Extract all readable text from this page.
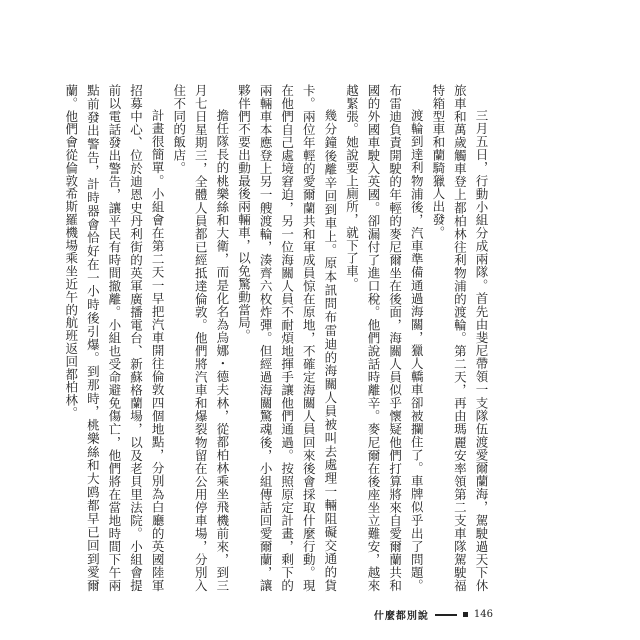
三月五日，行動小組分成兩隊。首先由斐尼帶領一支隊伍渡愛爾蘭海，駕駛過天下休旅車和萬歲觸車登上都柏林往利物浦的渡輪。第二天，再由瑪麗安率領第二支車隊駕駛福特箱型車和蘭騎獵人出發。

渡輪到達利物浦後，汽車準備通過海關，獵人轎車卻被攔住了。車牌似乎出了問題。布雷迪負責開駛的年輕的麥尼爾坐在後面，海關人員似乎懷疑他們打算將來自愛爾蘭共和國的外國車駛入英國。卻漏付了進口稅。他們說話時離辛。麥尼爾在後座坐立難安，越來越緊張。她說要上廁所，就下了車。

幾分鐘後離辛回到車上。原本訊問布雷迪的海關人員被叫去處理一輛阻礙交通的貨卡。兩位年輕的愛爾蘭共和軍成員惊在原地，不確定海關人員回來後會採取什麼行動。現在他們自己處境窘迫，另一位海關人員不耐煩地揮手讓他們通過。按照原定計畫，剩下的兩輛車本應登上另一艘渡輪，湊齊六枚炸彈。但經過海關驚魂後，小組傳話回愛爾蘭，讓夥伴們不要出動最後兩輛車，以免驚動當局。

擔任隊長的桃樂絲和大衛，而是化名為烏娜・德夫林，從都柏林乘坐飛機前來，到三月七日星期三，全體人員都已經抵達倫敦。他們將汽車和爆裂物留在公用停車場，分別入住不同的飯店。

計畫很簡單。小組會在第二天一早把汽車開往倫敦四個地點，分別為白廳的英國陸軍招募中心、位於迪恩史丹利街的英軍廣播電台、新蘇格蘭場，以及老貝里法院。小組會提前以電話發出警告，讓平民有時間撤離。小組也受命避免傷亡，他們將在當地時間下午兩點前發出警告，計時器會恰好在一小時後引爆。到那時，桃樂絲和大鸥都早已回到愛爾蘭。他們會從倫敦希斯羅機場乘坐近午的航班返回都柏林。

什麼都別說	146
